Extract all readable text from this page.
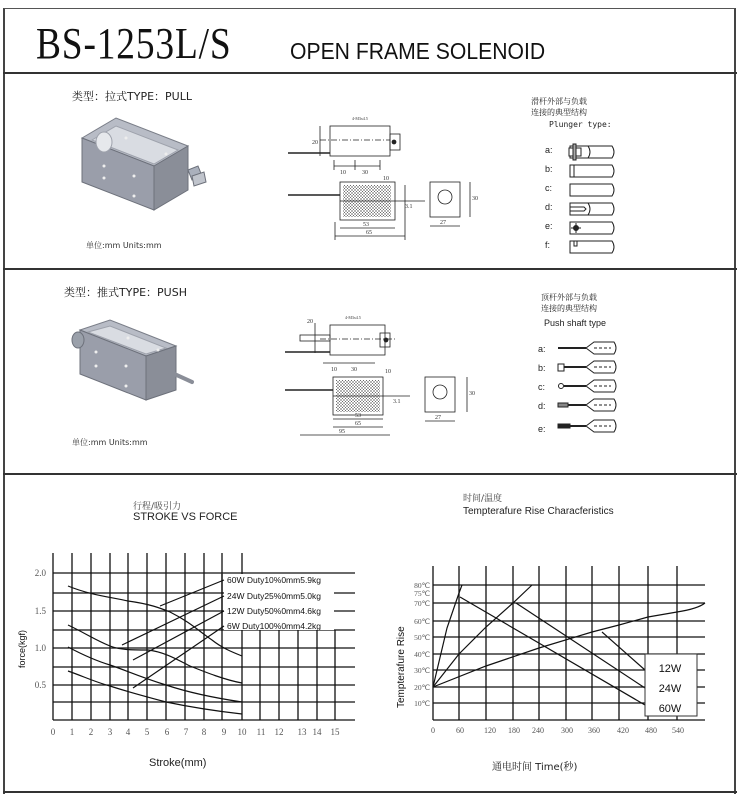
BS-1253L/S	OPEN FRAME SOLENOID
类型：拉式TYPE：PULL
单位:mm Units:mm
10	30
20
53
65
27
30
10
3.1
4-M3x4.5
滑杆外部与负载
连接的典型结构
Plunger type:
a:
b:
c:
d:
e:
f:
类型：推式TYPE：PUSH
单位:mm Units:mm
10 30
20
53
65
95
27
30
10
3.1
4-M3x4.5
顶杆外部与负载
连接的典型结构
Push shaft type
a:
b:
c:
d:
e:
行程/吸引力
STROKE VS FORCE
2.0
1.5
1.0
0.5
0 1 2 3 4 5 6 7 8 9 10 11 12 13 14 15
60W Duty10%0mm5.9kg
24W Duty25%0mm5.0kg
12W Duty50%0mm4.6kg
6W Duty100%0mm4.2kg
force(kgf)
Stroke(mm)
时间/温度
Tempterafure Rise Characferistics
12W
24W
60W
10℃
20℃
30℃
40℃
50℃
60℃
70℃
75℃
80℃
0	60	120 180 240 300 360 420 480 540
Tempterafure Rise
通电时间 Time(秒)
